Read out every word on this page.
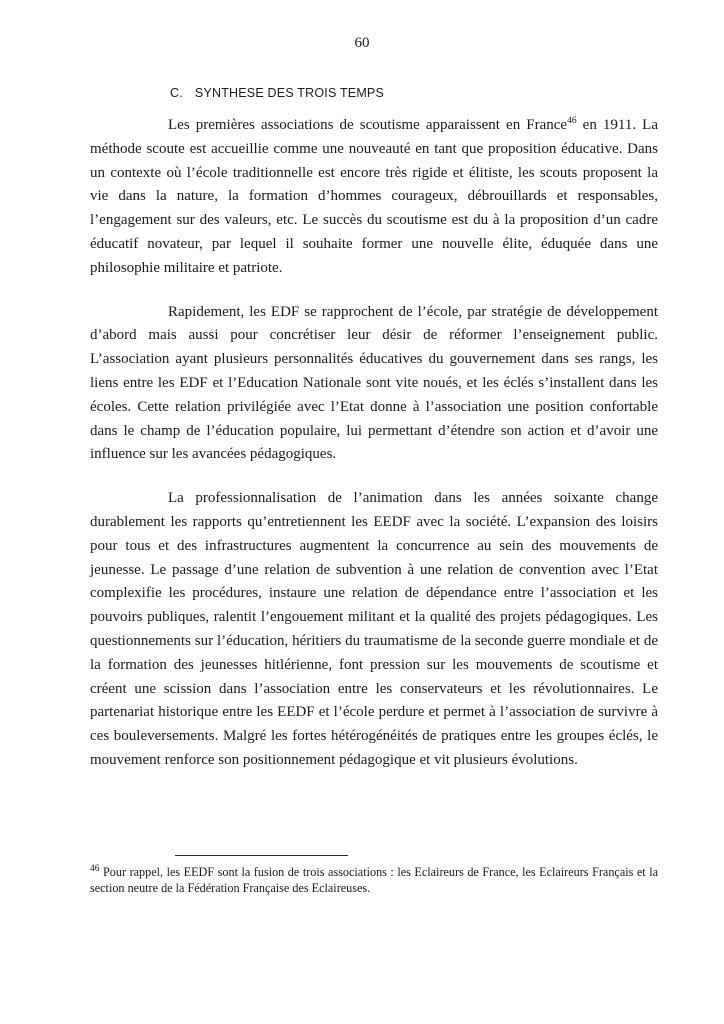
60
C. SYNTHESE DES TROIS TEMPS

Les premières associations de scoutisme apparaissent en France$^{46}$ en 1911. La méthode scoute est accueillie comme une nouveauté en tant que proposition éducative. Dans un contexte où l’école traditionnelle est encore très rigide et élitiste, les scouts proposent la vie dans la nature, la formation d’hommes courageux, débrouillards et responsables, l’engagement sur des valeurs, etc. Le succès du scoutisme est du à la proposition d’un cadre éducatif novateur, par lequel il souhaite former une nouvelle élite, éduquée dans une philosophie militaire et patriote.

Rapidement, les EDF se rapprochent de l’école, par stratégie de développement d’abord mais aussi pour concrétiser leur désir de réformer l’enseignement public. L’association ayant plusieurs personnalités éducatives du gouvernement dans ses rangs, les liens entre les EDF et l’Education Nationale sont vite noués, et les éclés s’installent dans les écoles. Cette relation privilégiée avec l’Etat donne à l’association une position confortable dans le champ de l’éducation populaire, lui permettant d’étendre son action et d’avoir une influence sur les avancées pédagogiques.

La professionnalisation de l’animation dans les années soixante change durablement les rapports qu’entretiennent les EEDF avec la société. L’expansion des loisirs pour tous et des infrastructures augmentent la concurrence au sein des mouvements de jeunesse. Le passage d’une relation de subvention à une relation de convention avec l’Etat complexifie les procédures, instaure une relation de dépendance entre l’association et les pouvoirs publiques, ralentit l’engouement militant et la qualité des projets pédagogiques. Les questionnements sur l’éducation, héritiers du traumatisme de la seconde guerre mondiale et de la formation des jeunesses hitlérienne, font pression sur les mouvements de scoutisme et créent une scission dans l’association entre les conservateurs et les révolutionnaires. Le partenariat historique entre les EEDF et l’école perdure et permet à l’association de survivre à ces bouleversements. Malgré les fortes hétérogénéités de pratiques entre les groupes éclés, le mouvement renforce son positionnement pédagogique et vit plusieurs évolutions.

$^{46}$ Pour rappel, les EEDF sont la fusion de trois associations : les Eclaireurs de France, les Eclaireurs Français et la section neutre de la Fédération Française des Eclaireuses.
